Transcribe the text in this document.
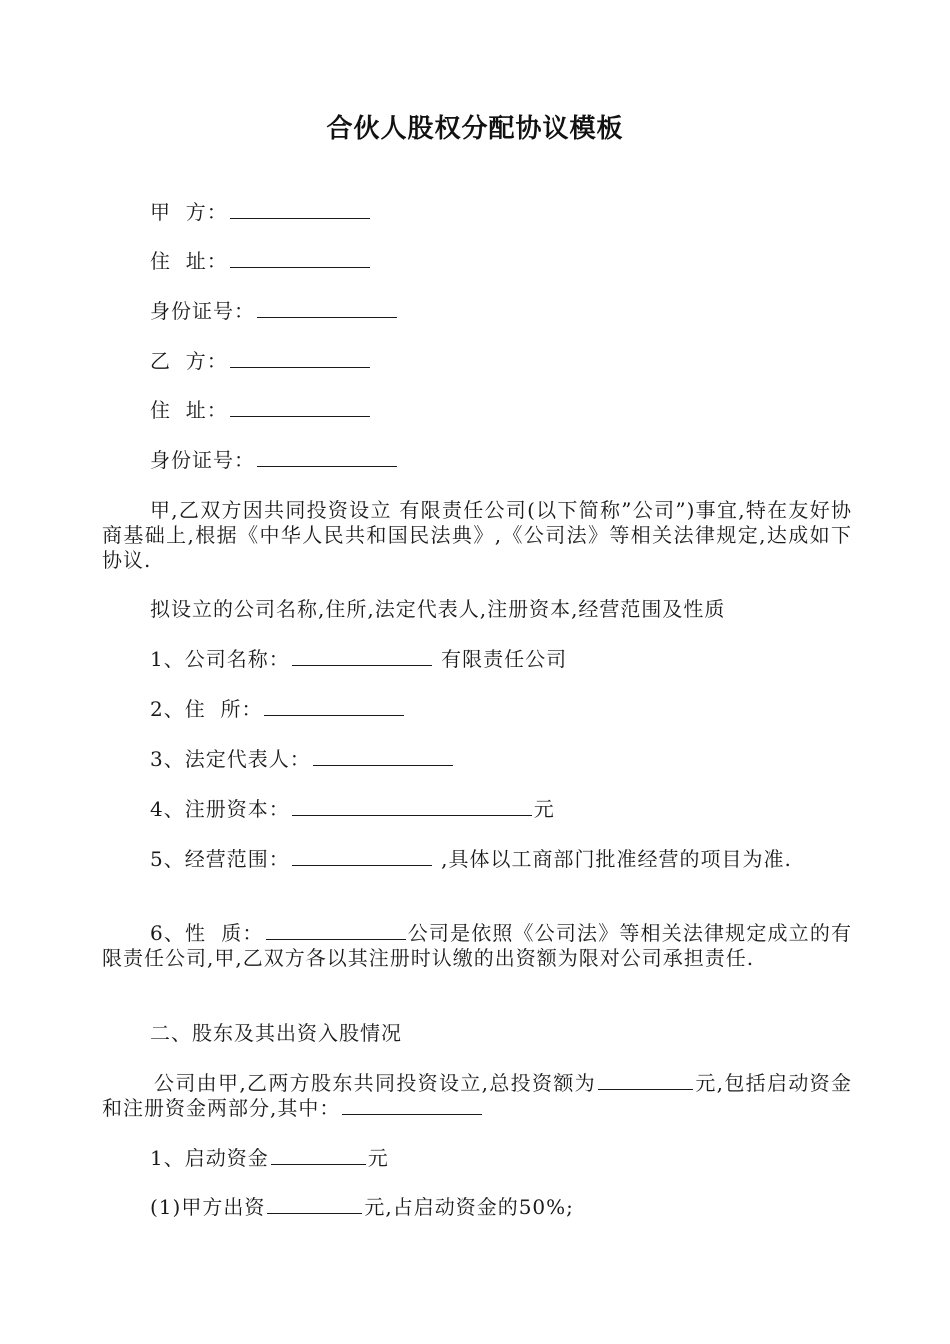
合伙人股权分配协议模板
甲  方：
住  址：
身份证号：
乙  方：
住  址：
身份证号：
甲,乙双方因共同投资设立 有限责任公司(以下简称”公司”)事宜,特在友好协商基础上,根据《中华人民共和国民法典》,《公司法》等相关法律规定,达成如下协议.
拟设立的公司名称,住所,法定代表人,注册资本,经营范围及性质
1、公司名称：	有限责任公司
2、住  所：
3、法定代表人：
4、注册资本：	元
5、经营范围：	,具体以工商部门批准经营的项目为准.
6、性  质：	公司是依照《公司法》等相关法律规定成立的有限责任公司,甲,乙双方各以其注册时认缴的出资额为限对公司承担责任.
二、股东及其出资入股情况
公司由甲,乙两方股东共同投资设立,总投资额为	元,包括启动资金和注册资金两部分,其中：
1、启动资金	元
(1)甲方出资	元,占启动资金的50%;
